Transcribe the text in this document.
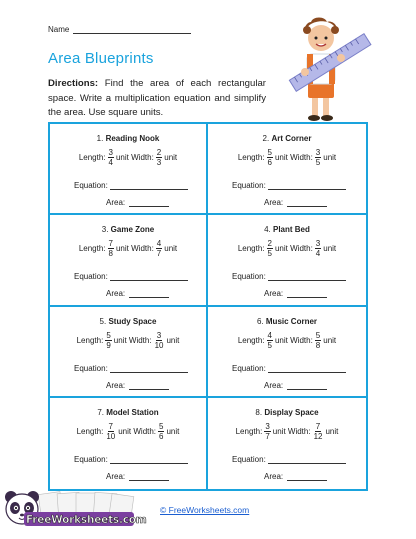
Name
Area Blueprints
Directions: Find the area of each rectangular space. Write a multiplication equation and simplify the area. Use square units.
1. Reading Nook
Length: $\frac{3}{4}$ unit
Width: $\frac{2}{3}$ unit
Equation:
Area:
2. Art Corner
Length: $\frac{5}{6}$ unit
Width: $\frac{3}{5}$ unit
Equation:
Area:
3. Game Zone
Length: $\frac{7}{8}$ unit
Width: $\frac{4}{7}$ unit
Equation:
Area:
4. Plant Bed
Length: $\frac{2}{5}$ unit
Width: $\frac{3}{4}$ unit
Equation:
Area:
5. Study Space
Length: $\frac{5}{9}$ unit
Width: $\frac{3}{10}$ unit
Equation:
Area:
6. Music Corner
Length: $\frac{4}{5}$ unit
Width: $\frac{5}{8}$ unit
Equation:
Area:
7. Model Station
Length: $\frac{7}{10}$ unit
Width: $\frac{5}{6}$ unit
Equation:
Area:
8. Display Space
Length: $\frac{3}{7}$ unit
Width: $\frac{7}{12}$ unit
Equation:
Area:
FreeWorksheets.com
© FreeWorksheets.com
